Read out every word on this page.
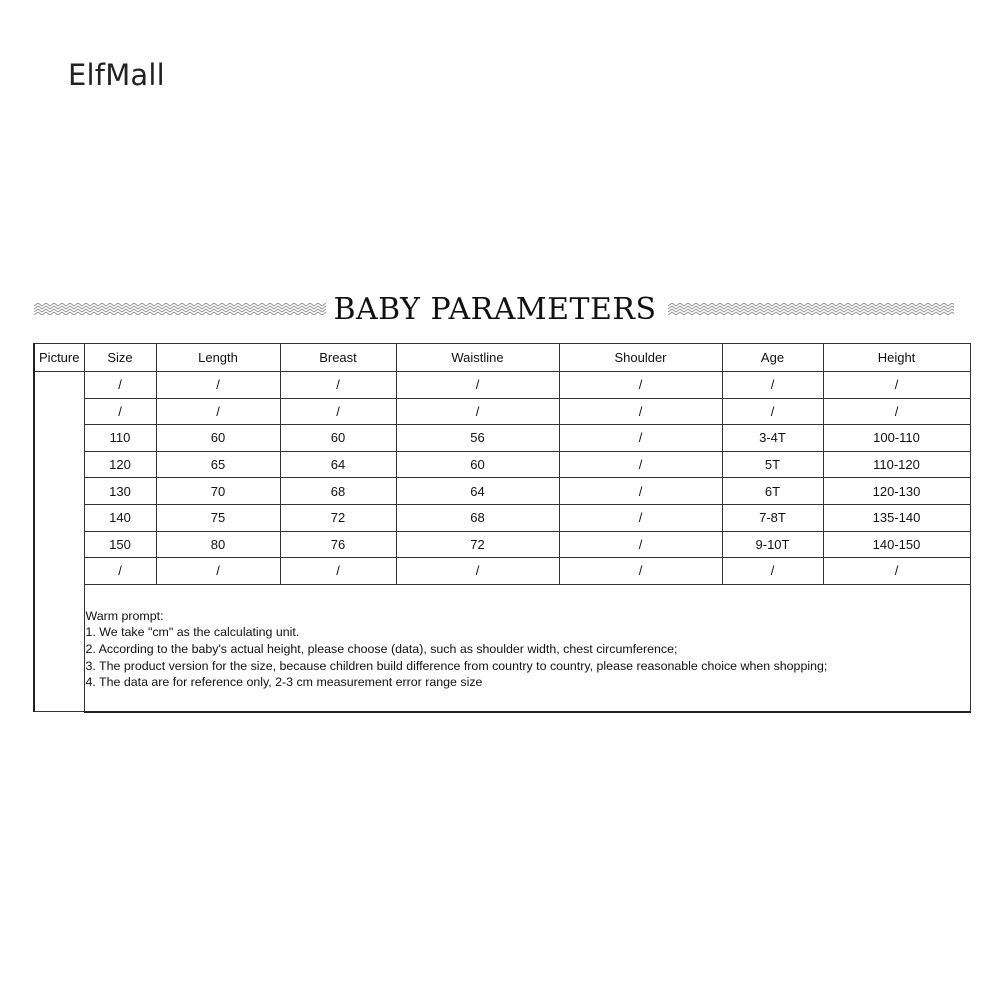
ElfMall
BABY PARAMETERS
Picture	Size	Length	Breast	Waistline	Shoulder	Age	Height
	/	/	/	/	/	/	/
	/	/	/	/	/	/	/
	110	60	60	56	/	3-4T	100-110
	120	65	64	60	/	5T	110-120
	130	70	68	64	/	6T	120-130
	140	75	72	68	/	7-8T	135-140
	150	80	76	72	/	9-10T	140-150
	/	/	/	/	/	/	/

	Warm prompt:
1. We take "cm" as the calculating unit.
2. According to the baby's actual height, please choose (data), such as shoulder width, chest circumference;
3. The product version for the size, because children build difference from country to country, please reasonable choice when shopping;
4. The data are for reference only, 2-3 cm measurement error range size						
